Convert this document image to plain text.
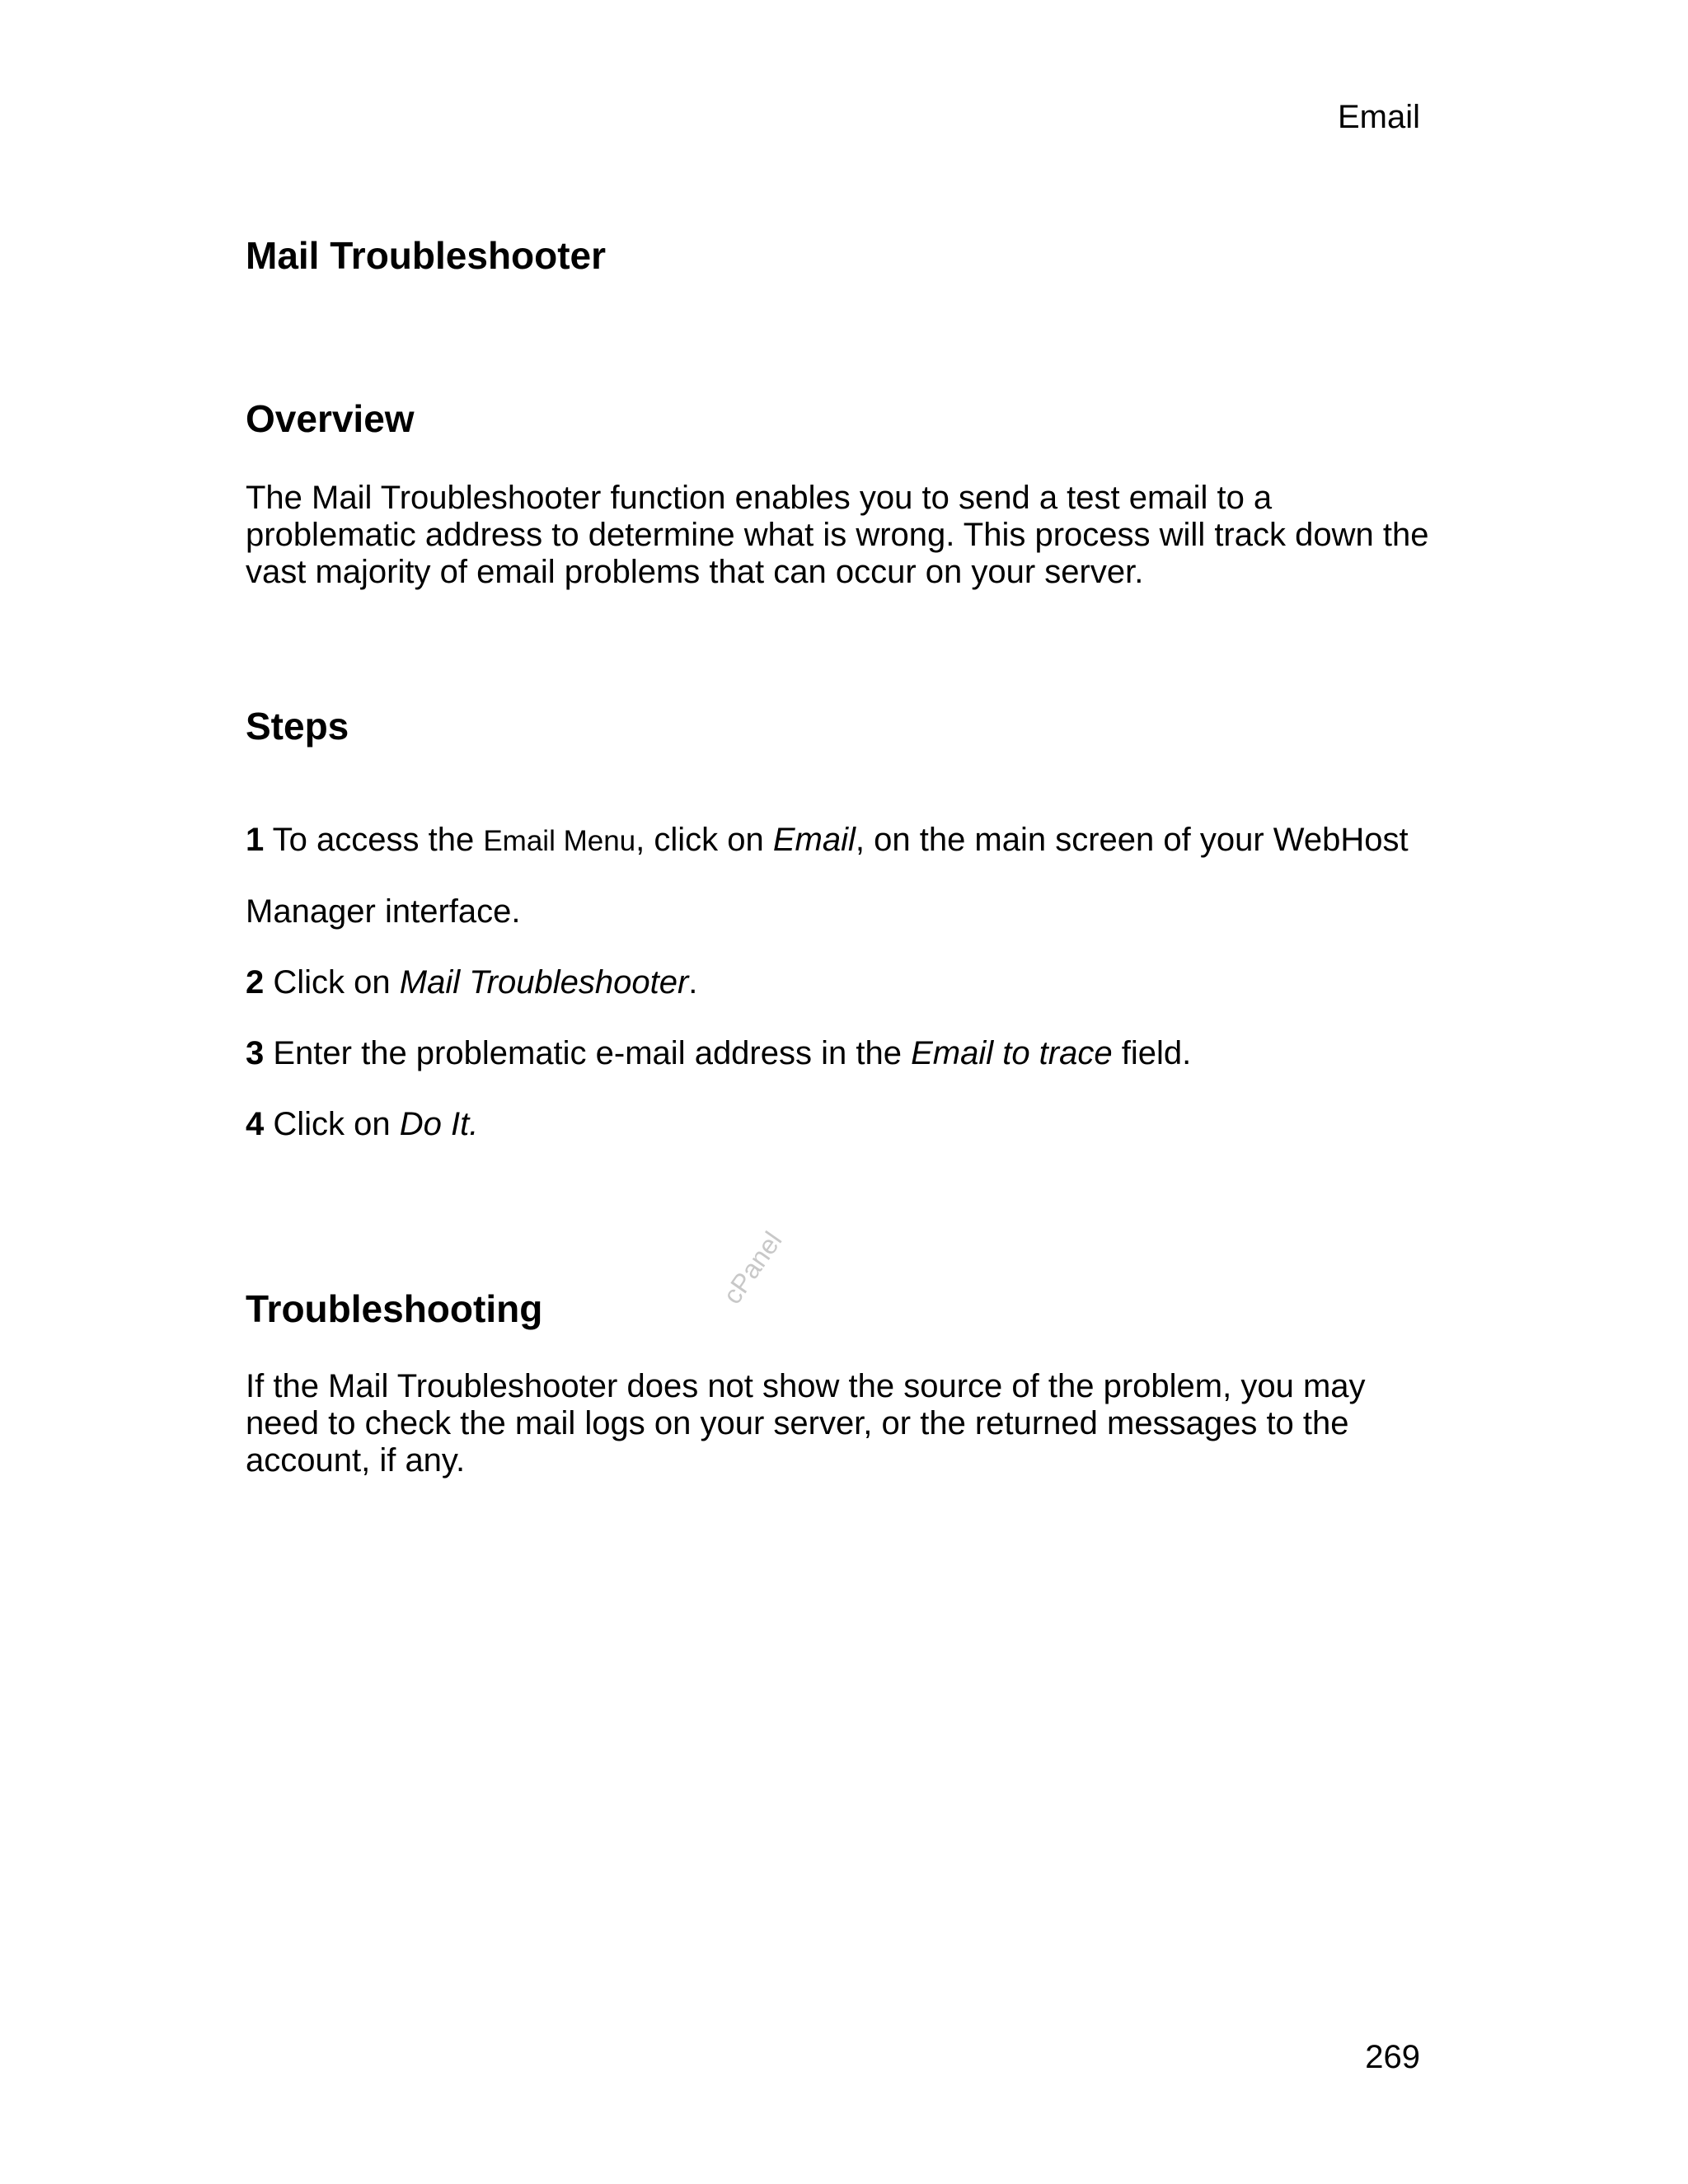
Email
Mail Troubleshooter
Overview

The Mail Troubleshooter function enables you to send a test email to a problematic address to determine what is wrong. This process will track down the vast majority of email problems that can occur on your server.

Steps

1 To access the Email Menu, click on Email, on the main screen of your WebHost

Manager interface.

2 Click on Mail Troubleshooter.

3 Enter the problematic e-mail address in the Email to trace field.

4 Click on Do It.

Troubleshooting	cPanel

If the Mail Troubleshooter does not show the source of the problem, you may need to check the mail logs on your server, or the returned messages to the account, if any.

269
